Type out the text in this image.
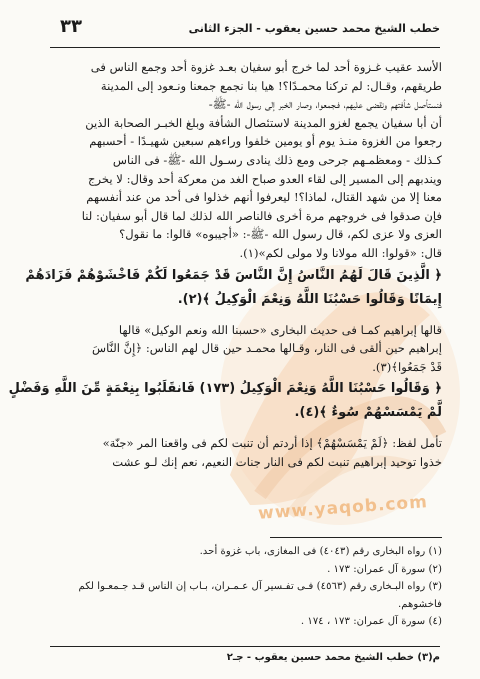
www.yaqob.com
خطب الشيخ محمد حسين يعقوب - الجزء الثانى
٣٣
الأسد عقيب غـزوة أحد لما خرج أبو سفيان بعـد غزوة أحد وجمع الناس فى
طريقهم، وقـال: لم تركنا محمـدًا؟! هيا بنا نجمع جمعنا ونـعود إلى المدينة
فنستأصل شأفتهم ونقضى عليهم، فـجمعوا، وصار الخبر إلى رسول الله -ﷺ-
أن أبا سفيان يجمع لغزو المدينة لاستئصال الشأفة وبلغ الخبـر الصحابة الذين
رجعوا من الغزوة منـذ يوم أو يومين خلفوا وراءهم سبعين شهيـدًا - أحسبهم
كـذلك - ومعظمـهم جرحى ومع ذلك ينادى رسـول الله -ﷺ- فى الناس
ويندبهم إلى المسير إلى لقاء العدو صباح الغد من معركة أحد وقال: لا يخرج
معنا إلا من شهد القتال، لماذا؟! ليعرفوا أنهم خذلوا فى أحد من عند أنفسهم
فإن صدقوا فى خروجهم مرة أخرى فالناصر الله لذلك لما قال أبو سفيان: لنا
العزى ولا عزى لكم، قال رسول الله -ﷺ-: «أجيبوه» قالوا: ما نقول؟
قال: «قولوا: الله مولانا ولا مولى لكم»(١).
﴿ الَّذِينَ قَالَ لَهُمُ النَّاسُ إِنَّ النَّاسَ قَدْ جَمَعُوا لَكُمْ فَاخْشَوْهُمْ فَزَادَهُمْ
إِيمَانًا وَقَالُوا حَسْبُنَا اللَّهُ وَنِعْمَ الْوَكِيلُ ﴾(٢).
قالها إبراهيم كمـا فى حديث البخارى «حسبنا الله ونعم الوكيل» قالها
إبراهيم حين ألقى فى النار، وقـالها محمـد حين قال لهم الناس: ﴿إِنَّ النَّاسَ
قَدْ جَمَعُوا﴾(٣).
﴿ وَقَالُوا حَسْبُنَا اللَّهُ وَنِعْمَ الْوَكِيلُ (١٧٣) فَانقَلَبُوا بِنِعْمَةٍ مِّنَ اللَّهِ وَفَضْلٍ
لَّمْ يَمْسَسْهُمْ سُوءٌ ﴾(٤).
تأمل لفظ: ﴿لَمْ يَمْسَسْهُمْ﴾ إذا أردتم أن تنبت لكم فى واقعنا المر «جنّة»
خذوا توحيد إبراهيم تنبت لكم فى النار جنات النعيم، نعم إنك لـو عشت
(١) رواه البخارى رقم (٤٠٤٣) فى المغازى، باب غزوة أحد.
(٢) سورة آل عمران: ١٧٣ .
(٣) رواه البـخارى رقم (٤٥٦٣) فـى تفـسير آل عـمـران، بـاب إن الناس قـد جـمعـوا لكم
فاخشوهم.
(٤) سورة آل عمران: ١٧٣ ، ١٧٤ .
م(٣) خطب الشيخ محمد حسين يعقوب - جـ٢
